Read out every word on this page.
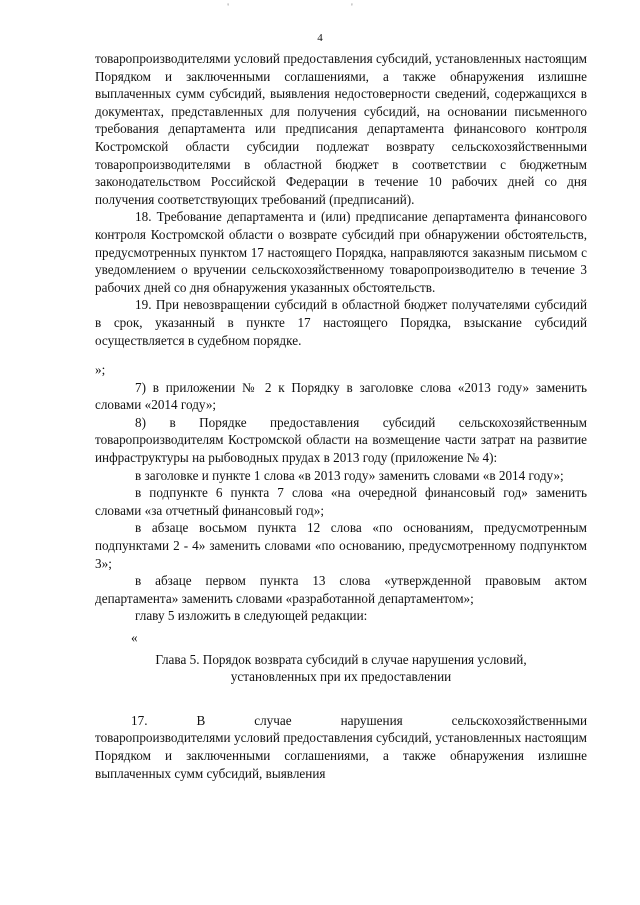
' '
4

товаропроизводителями условий предоставления субсидий, установленных настоящим Порядком и заключенными соглашениями, а также обнаружения излишне выплаченных сумм субсидий, выявления недостоверности сведений, содержащихся в документах, представленных для получения субсидий, на основании письменного требования департамента или предписания департамента финансового контроля Костромской области субсидии подлежат возврату сельскохозяйственными товаропроизводителями в областной бюджет в соответствии с бюджетным законодательством Российской Федерации в течение 10 рабочих дней со дня получения соответствующих требований (предписаний).

18. Требование департамента и (или) предписание департамента финансового контроля Костромской области о возврате субсидий при обнаружении обстоятельств, предусмотренных пунктом 17 настоящего Порядка, направляются заказным письмом с уведомлением о вручении сельскохозяйственному товаропроизводителю в течение 3 рабочих дней со дня обнаружения указанных обстоятельств.

19. При невозвращении субсидий в областной бюджет получателями субсидий в срок, указанный в пункте 17 настоящего Порядка, взыскание субсидий осуществляется в судебном порядке.

»;

7) в приложении № 2 к Порядку в заголовке слова «2013 году» заменить словами «2014 году»;

8) в Порядке предоставления субсидий сельскохозяйственным товаропроизводителям Костромской области на возмещение части затрат на развитие инфраструктуры на рыбоводных прудах в 2013 году (приложение № 4):

в заголовке и пункте 1 слова «в 2013 году» заменить словами «в 2014 году»;

в подпункте 6 пункта 7 слова «на очередной финансовый год» заменить словами «за отчетный финансовый год»;

в абзаце восьмом пункта 12 слова «по основаниям, предусмотренным подпунктами 2 - 4» заменить словами «по основанию, предусмотренному подпунктом 3»;

в абзаце первом пункта 13 слова «утвержденной правовым актом департамента» заменить словами «разработанной департаментом»;

главу 5 изложить в следующей редакции:

«

Глава 5. Порядок возврата субсидий в случае нарушения условий,
установленных при их предоставлении

17. В случае нарушения сельскохозяйственными

товаропроизводителями условий предоставления субсидий, установленных настоящим Порядком и заключенными соглашениями, а также обнаружения излишне выплаченных сумм субсидий, выявления
